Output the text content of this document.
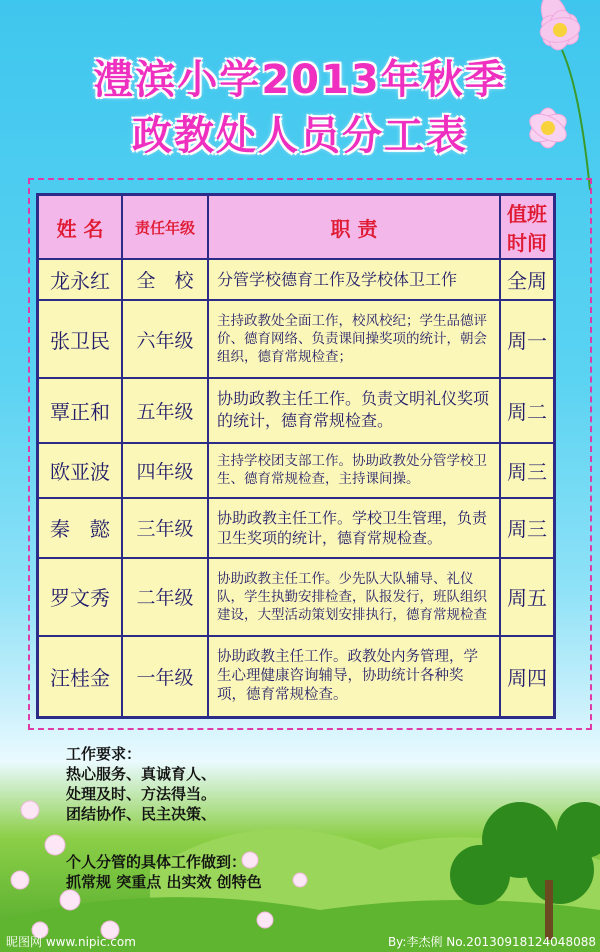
澧滨小学2013年秋季
政教处人员分工表
姓 名	责任年级	职 责	值班
时间

龙永红	全　校	分管学校德育工作及学校体卫工作	全周
张卫民	六年级	主持政教处全面工作，校风校纪；学生品德评价、德育网络、负责课间操奖项的统计，朝会组织，德育常规检查；	周一
覃正和	五年级	协助政教主任工作。负责文明礼仪奖项的统计，德育常规检查。	周二
欧亚波	四年级	主持学校团支部工作。协助政教处分管学校卫生、德育常规检查，主持课间操。	周三
秦　懿	三年级	协助政教主任工作。学校卫生管理，负责卫生奖项的统计，德育常规检查。	周三
罗文秀	二年级	协助政教主任工作。少先队大队辅导、礼仪队，学生执勤安排检查，队报发行，班队组织建设，大型活动策划安排执行，德育常规检查	周五
汪桂金	一年级	协助政教主任工作。政教处内务管理，学生心理健康咨询辅导，协助统计各种奖项，德育常规检查。	周四
工作要求：
热心服务、真诚育人、
处理及时、方法得当。
团结协作、民主决策、
个人分管的具体工作做到：
抓常规 突重点 出实效 创特色
昵图网 www.nipic.com	By:李杰俐 No.20130918124048088
